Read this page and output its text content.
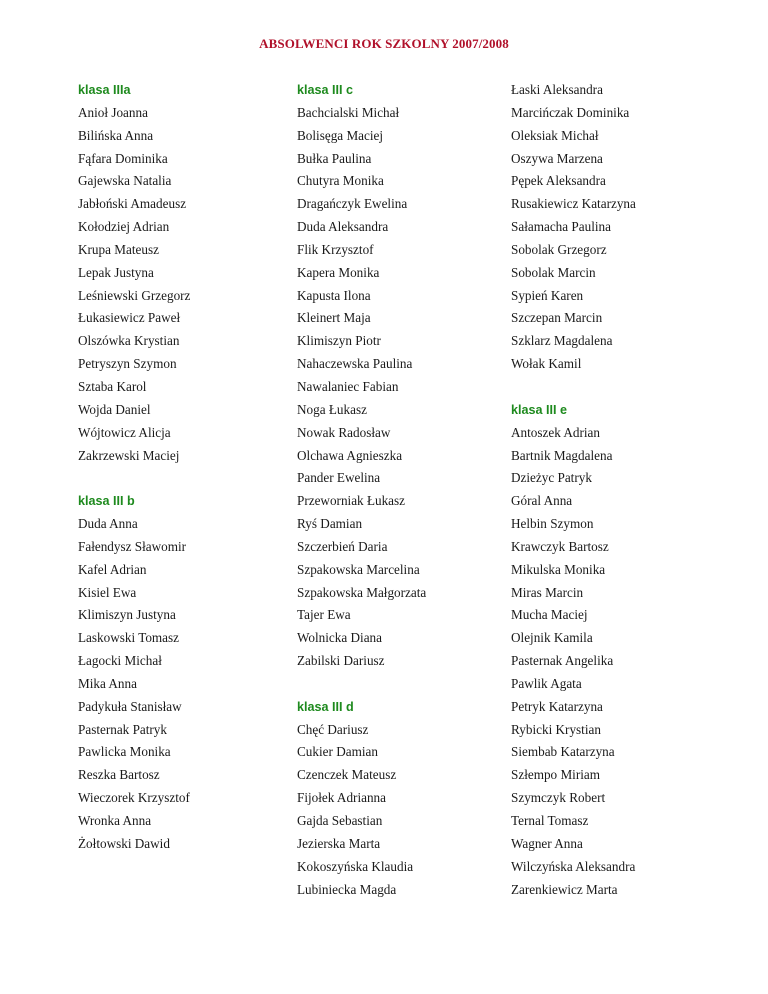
ABSOLWENCI ROK SZKOLNY 2007/2008
klasa IIIa
Anioł Joanna
Bilińska Anna
Fąfara Dominika
Gajewska Natalia
Jabłoński Amadeusz
Kołodziej Adrian
Krupa Mateusz
Lepak Justyna
Leśniewski Grzegorz
Łukasiewicz Paweł
Olszówka Krystian
Petryszyn Szymon
Sztaba Karol
Wojda Daniel
Wójtowicz Alicja
Zakrzewski Maciej
klasa III b
Duda Anna
Fałendysz Sławomir
Kafel Adrian
Kisiel Ewa
Klimiszyn Justyna
Laskowski Tomasz
Łagocki Michał
Mika Anna
Padykuła Stanisław
Pasternak Patryk
Pawlicka Monika
Reszka Bartosz
Wieczorek Krzysztof
Wronka Anna
Żołtowski Dawid
klasa III c
Bachcialski Michał
Bolisęga Maciej
Bułka Paulina
Chutyra Monika
Dragańczyk Ewelina
Duda Aleksandra
Flik Krzysztof
Kapera Monika
Kapusta Ilona
Kleinert Maja
Klimiszyn Piotr
Nahaczewska Paulina
Nawalaniec Fabian
Noga Łukasz
Nowak Radosław
Olchawa Agnieszka
Pander Ewelina
Przeworniak Łukasz
Ryś Damian
Szczerbień Daria
Szpakowska Marcelina
Szpakowska Małgorzata
Tajer Ewa
Wolnicka Diana
Zabilski Dariusz
klasa III d
Chęć Dariusz
Cukier Damian
Czenczek Mateusz
Fijołek Adrianna
Gajda Sebastian
Jezierska Marta
Kokoszyńska Klaudia
Lubiniecka Magda
Łaski Aleksandra
Marcińczak Dominika
Oleksiak Michał
Oszywa Marzena
Pępek Aleksandra
Rusakiewicz Katarzyna
Sałamacha Paulina
Sobolak Grzegorz
Sobolak Marcin
Sypień Karen
Szczepan Marcin
Szklarz Magdalena
Wołak Kamil
klasa III e
Antoszek Adrian
Bartnik Magdalena
Dzieżyc Patryk
Góral Anna
Helbin Szymon
Krawczyk Bartosz
Mikulska Monika
Miras Marcin
Mucha Maciej
Olejnik Kamila
Pasternak Angelika
Pawlik Agata
Petryk Katarzyna
Rybicki Krystian
Siembab Katarzyna
Szłempo Miriam
Szymczyk Robert
Ternal Tomasz
Wagner Anna
Wilczyńska Aleksandra
Zarenkiewicz Marta
